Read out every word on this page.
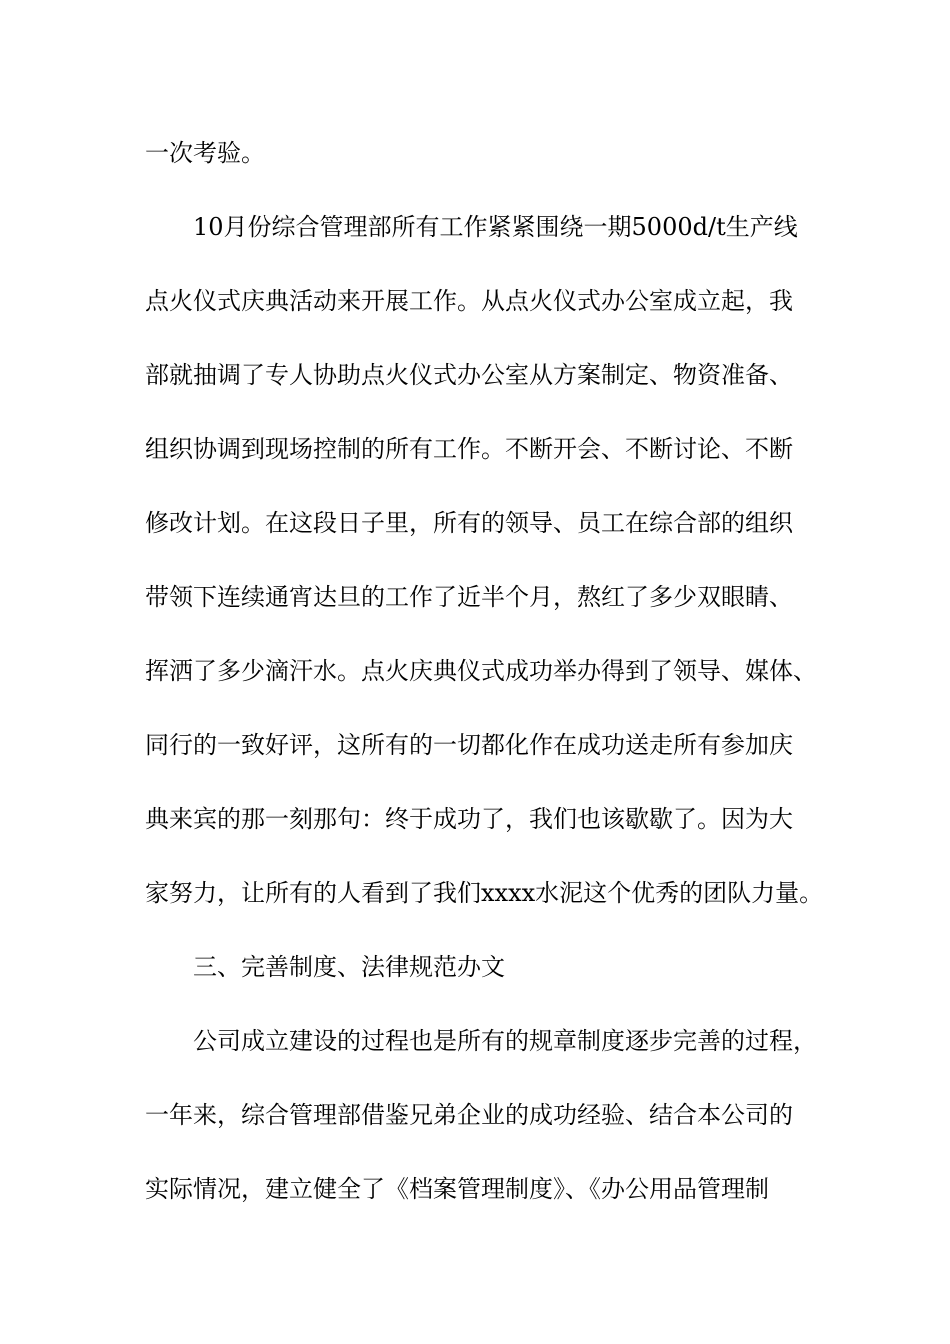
一次考验。
10月份综合管理部所有工作紧紧围绕一期5000d/t生产线
点火仪式庆典活动来开展工作。从点火仪式办公室成立起，我
部就抽调了专人协助点火仪式办公室从方案制定、物资准备、
组织协调到现场控制的所有工作。不断开会、不断讨论、不断
修改计划。在这段日子里，所有的领导、员工在综合部的组织
带领下连续通宵达旦的工作了近半个月，熬红了多少双眼睛、
挥洒了多少滴汗水。点火庆典仪式成功举办得到了领导、媒体、
同行的一致好评，这所有的一切都化作在成功送走所有参加庆
典来宾的那一刻那句：终于成功了，我们也该歇歇了。因为大
家努力，让所有的人看到了我们xxxx水泥这个优秀的团队力量。
三、完善制度、法律规范办文
公司成立建设的过程也是所有的规章制度逐步完善的过程，
一年来，综合管理部借鉴兄弟企业的成功经验、结合本公司的
实际情况，建立健全了《档案管理制度》、《办公用品管理制
